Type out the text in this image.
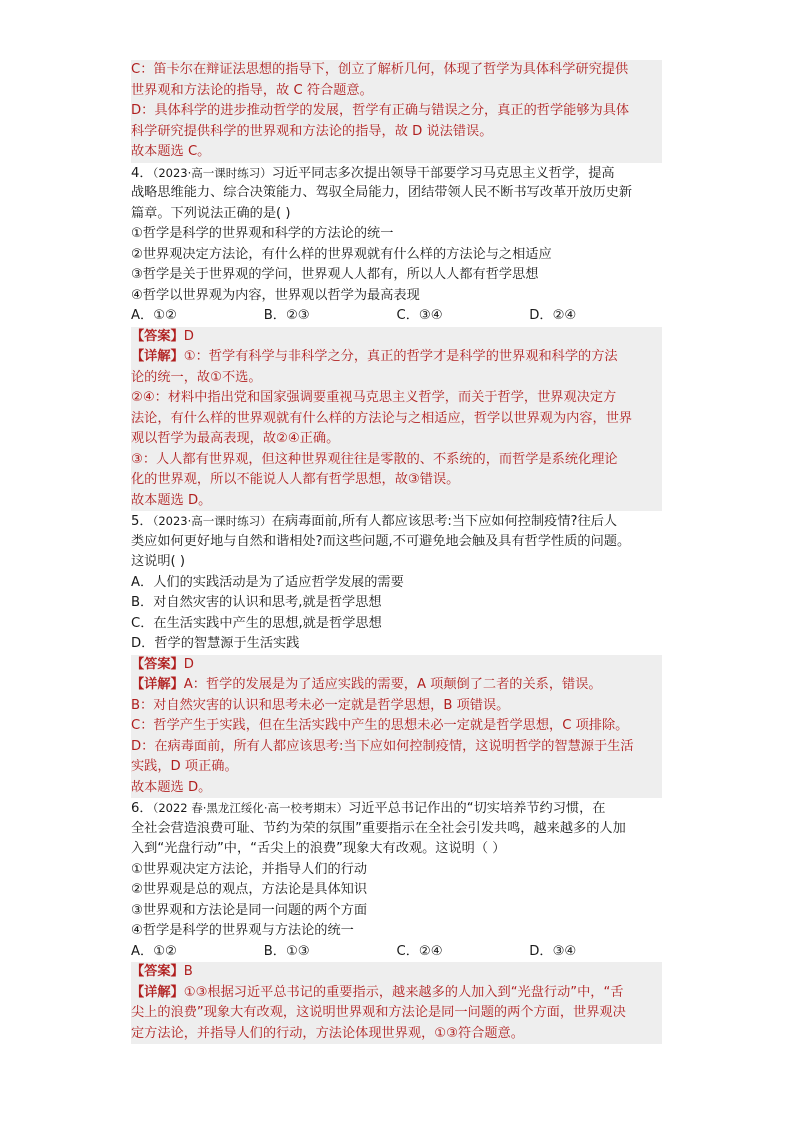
C：笛卡尔在辩证法思想的指导下，创立了解析几何，体现了哲学为具体科学研究提供
世界观和方法论的指导，故 C 符合题意。
D：具体科学的进步推动哲学的发展，哲学有正确与错误之分，真正的哲学能够为具体
科学研究提供科学的世界观和方法论的指导，故 D 说法错误。
故本题选 C。
4．（2023·高一课时练习）习近平同志多次提出领导干部要学习马克思主义哲学，提高
战略思维能力、综合决策能力、驾驭全局能力，团结带领人民不断书写改革开放历史新
篇章。下列说法正确的是( )
①哲学是科学的世界观和科学的方法论的统一
②世界观决定方法论，有什么样的世界观就有什么样的方法论与之相适应
③哲学是关于世界观的学问，世界观人人都有，所以人人都有哲学思想
④哲学以世界观为内容，世界观以哲学为最高表现
A．①②	B．②③	C．③④	D．②④
【答案】D
【详解】①：哲学有科学与非科学之分，真正的哲学才是科学的世界观和科学的方法
论的统一，故①不选。
②④：材料中指出党和国家强调要重视马克思主义哲学，而关于哲学，世界观决定方
法论，有什么样的世界观就有什么样的方法论与之相适应，哲学以世界观为内容，世界
观以哲学为最高表现，故②④正确。
③：人人都有世界观，但这种世界观往往是零散的、不系统的，而哲学是系统化理论
化的世界观，所以不能说人人都有哲学思想，故③错误。
故本题选 D。
5．（2023·高一课时练习）在病毒面前,所有人都应该思考:当下应如何控制疫情?往后人
类应如何更好地与自然和谐相处?而这些问题,不可避免地会触及具有哲学性质的问题。
这说明( )
A．人们的实践活动是为了适应哲学发展的需要
B．对自然灾害的认识和思考,就是哲学思想
C．在生活实践中产生的思想,就是哲学思想
D．哲学的智慧源于生活实践
【答案】D
【详解】A：哲学的发展是为了适应实践的需要，A 项颠倒了二者的关系，错误。
B：对自然灾害的认识和思考未必一定就是哲学思想，B 项错误。
C：哲学产生于实践，但在生活实践中产生的思想未必一定就是哲学思想，C 项排除。
D：在病毒面前，所有人都应该思考:当下应如何控制疫情，这说明哲学的智慧源于生活
实践，D 项正确。
故本题选 D。
6．（2022 春·黑龙江绥化·高一校考期末）习近平总书记作出的“切实培养节约习惯，在
全社会营造浪费可耻、节约为荣的氛围”重要指示在全社会引发共鸣，越来越多的人加
入到“光盘行动”中，“舌尖上的浪费”现象大有改观。这说明（ ）
①世界观决定方法论，并指导人们的行动
②世界观是总的观点，方法论是具体知识
③世界观和方法论是同一问题的两个方面
④哲学是科学的世界观与方法论的统一
A．①②	B．①③	C．②④	D．③④
【答案】B
【详解】①③根据习近平总书记的重要指示，越来越多的人加入到“光盘行动”中，“舌
尖上的浪费”现象大有改观，这说明世界观和方法论是同一问题的两个方面，世界观决
定方法论，并指导人们的行动，方法论体现世界观，①③符合题意。
